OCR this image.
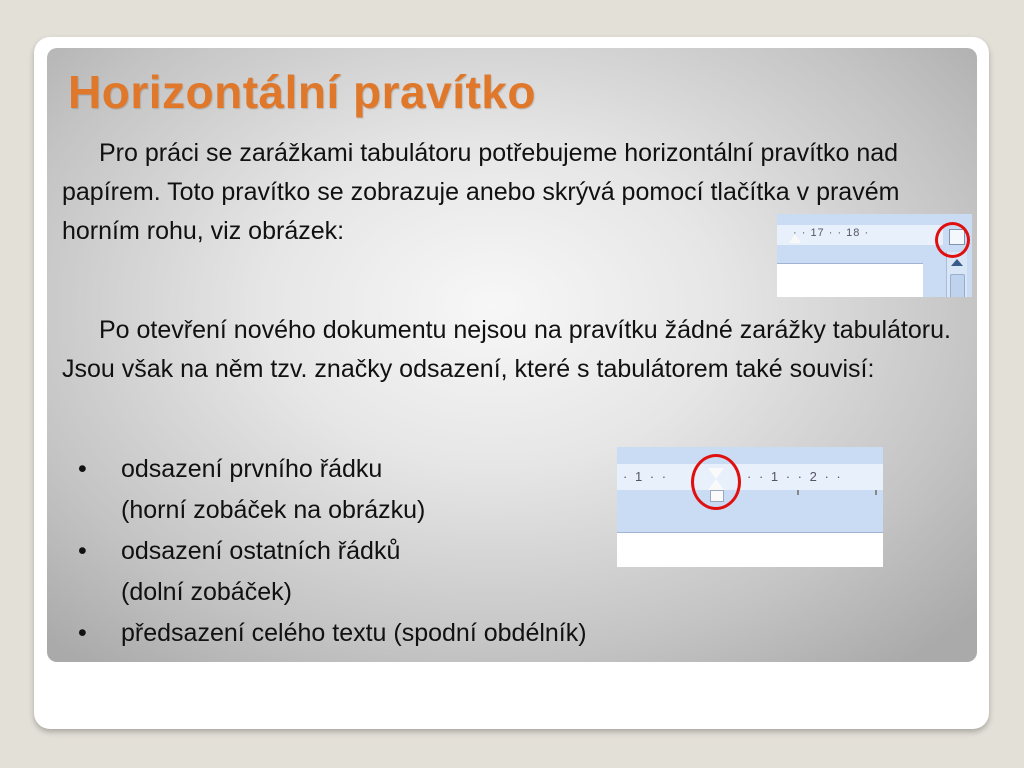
Horizontální pravítko

Pro práci se zarážkami tabulátoru potřebujeme horizontální pravítko nad papírem. Toto pravítko se zobrazuje anebo skrývá pomocí tlačítka v pravém horním rohu, viz obrázek:	· · 17 · · 18 ·

Po otevření nového dokumentu nejsou na pravítku žádné zarážky tabulátoru. Jsou však na něm tzv. značky odsazení, které s tabulátorem také souvisí:

• odsazení prvního řádku
(horní zobáček na obrázku)
• odsazení ostatních řádků
(dolní zobáček)
• předsazení celého textu (spodní obdélník)
· 1 · ·	· · 1 · · 2 · ·
